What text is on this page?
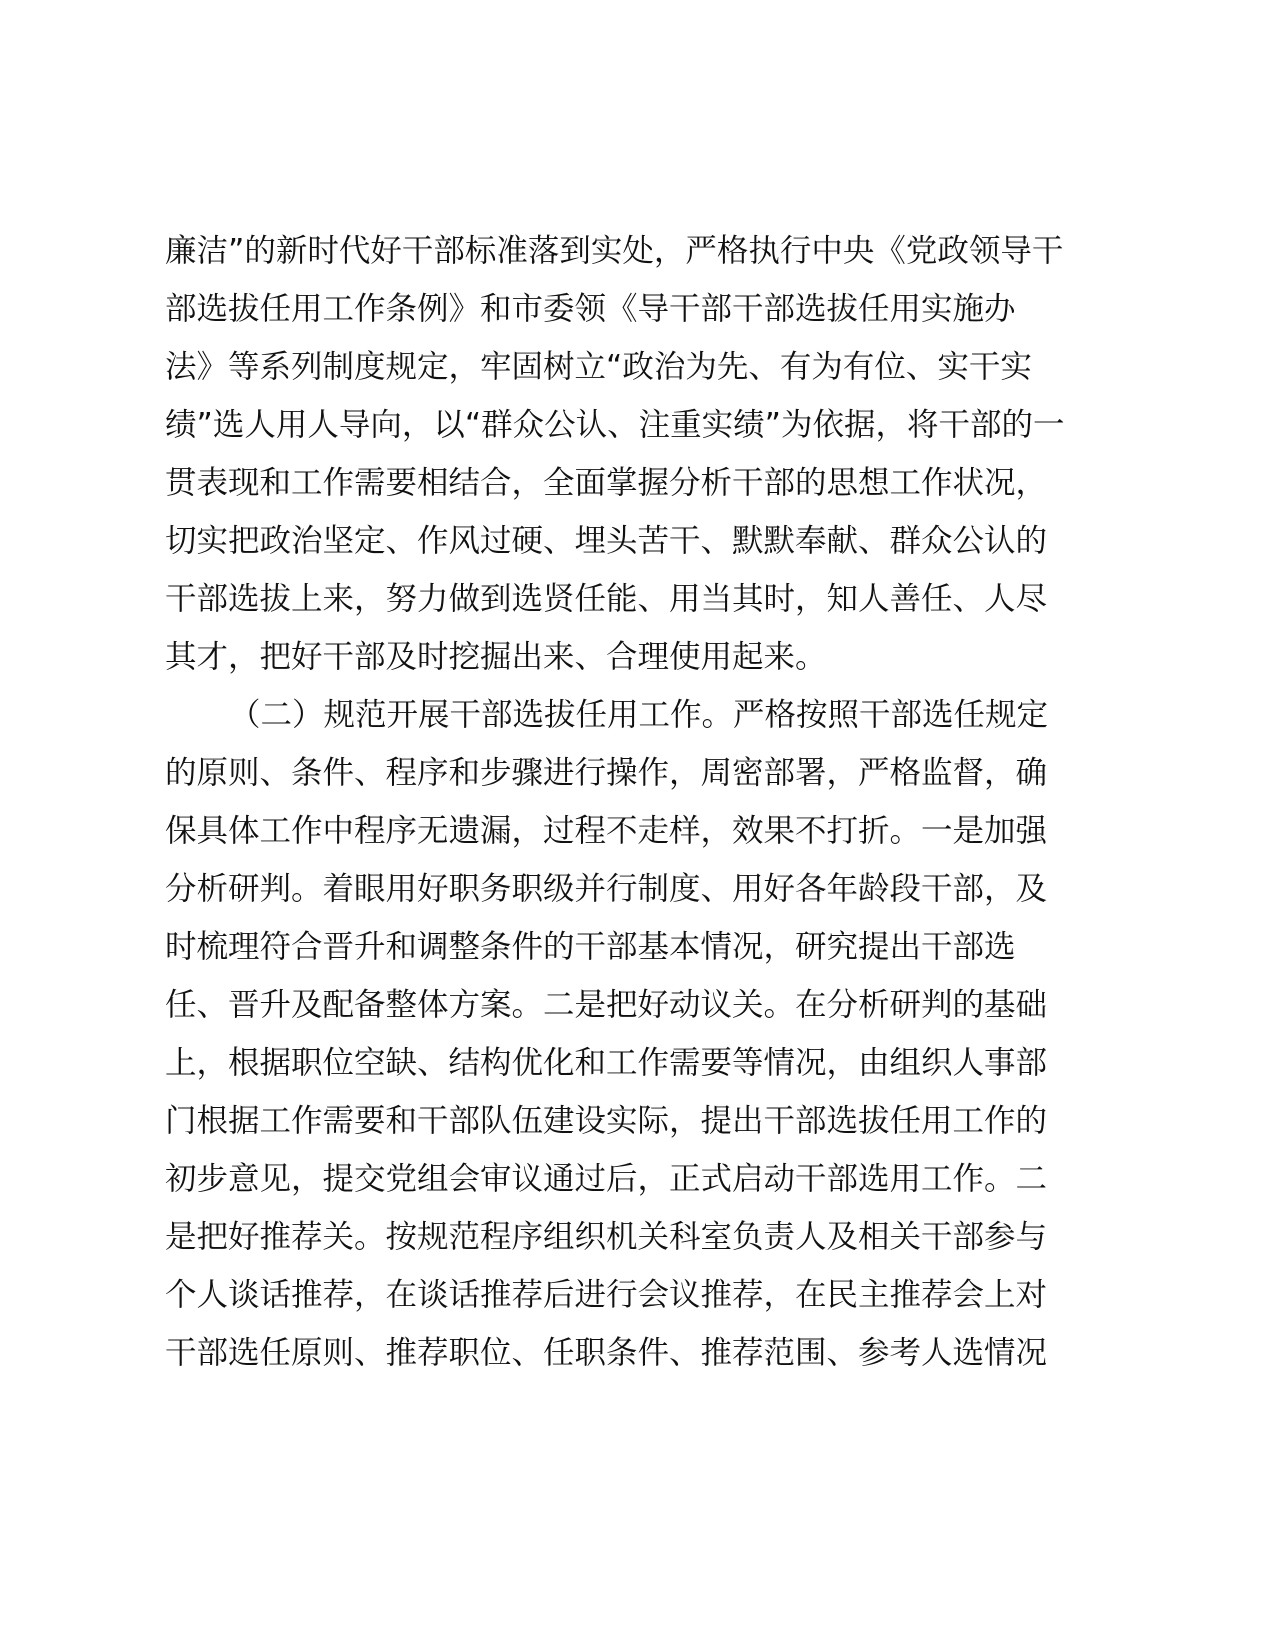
廉洁”的新时代好干部标准落到实处，严格执行中央《党政领导干
部选拔任用工作条例》和市委领《导干部干部选拔任用实施办
法》等系列制度规定，牢固树立“政治为先、有为有位、实干实
绩”选人用人导向，以“群众公认、注重实绩”为依据，将干部的一
贯表现和工作需要相结合，全面掌握分析干部的思想工作状况，
切实把政治坚定、作风过硬、埋头苦干、默默奉献、群众公认的
干部选拔上来，努力做到选贤任能、用当其时，知人善任、人尽
其才，把好干部及时挖掘出来、合理使用起来。
（二）规范开展干部选拔任用工作。严格按照干部选任规定
的原则、条件、程序和步骤进行操作，周密部署，严格监督，确
保具体工作中程序无遗漏，过程不走样，效果不打折。一是加强
分析研判。着眼用好职务职级并行制度、用好各年龄段干部，及
时梳理符合晋升和调整条件的干部基本情况，研究提出干部选
任、晋升及配备整体方案。二是把好动议关。在分析研判的基础
上，根据职位空缺、结构优化和工作需要等情况，由组织人事部
门根据工作需要和干部队伍建设实际，提出干部选拔任用工作的
初步意见，提交党组会审议通过后，正式启动干部选用工作。二
是把好推荐关。按规范程序组织机关科室负责人及相关干部参与
个人谈话推荐，在谈话推荐后进行会议推荐，在民主推荐会上对
干部选任原则、推荐职位、任职条件、推荐范围、参考人选情况
